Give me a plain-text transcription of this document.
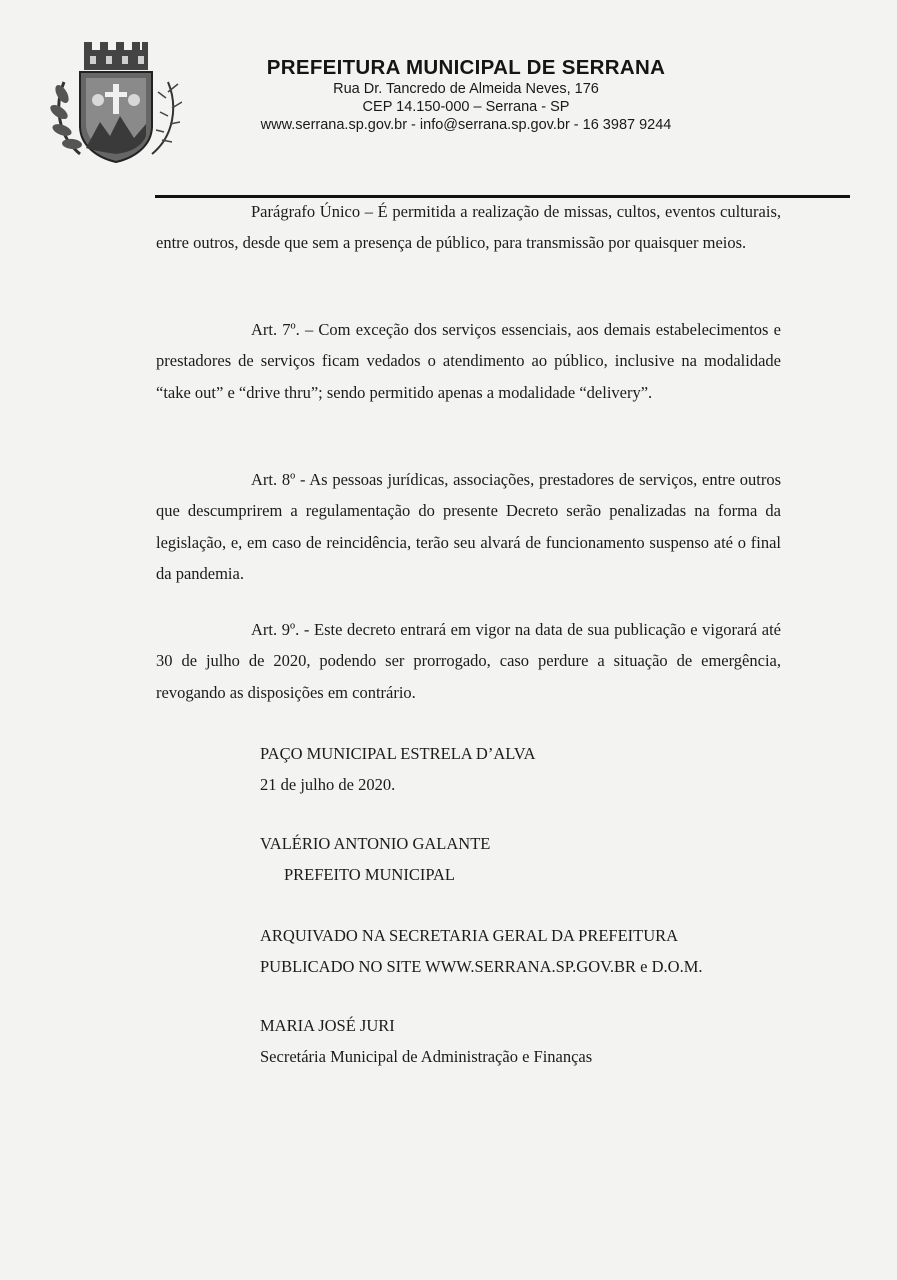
PREFEITURA MUNICIPAL DE SERRANA
Rua Dr. Tancredo de Almeida Neves, 176
CEP 14.150-000 – Serrana - SP
www.serrana.sp.gov.br - info@serrana.sp.gov.br - 16 3987 9244

Parágrafo Único – É permitida a realização de missas, cultos, eventos culturais, entre outros, desde que sem a presença de público, para transmissão por quaisquer meios.

Art. 7º. – Com exceção dos serviços essenciais, aos demais estabelecimentos e prestadores de serviços ficam vedados o atendimento ao público, inclusive na modalidade “take out” e “drive thru”; sendo permitido apenas a modalidade “delivery”.

Art. 8º - As pessoas jurídicas, associações, prestadores de serviços, entre outros que descumprirem a regulamentação do presente Decreto serão penalizadas na forma da legislação, e, em caso de reincidência, terão seu alvará de funcionamento suspenso até o final da pandemia.

Art. 9º. - Este decreto entrará em vigor na data de sua publicação e vigorará até 30 de julho de 2020, podendo ser prorrogado, caso perdure a situação de emergência, revogando as disposições em contrário.

PAÇO MUNICIPAL ESTRELA D’ALVA
21 de julho de 2020.

VALÉRIO ANTONIO GALANTE
PREFEITO MUNICIPAL

ARQUIVADO NA SECRETARIA GERAL DA PREFEITURA
PUBLICADO NO SITE WWW.SERRANA.SP.GOV.BR e D.O.M.

MARIA JOSÉ JURI
Secretária Municipal de Administração e Finanças
